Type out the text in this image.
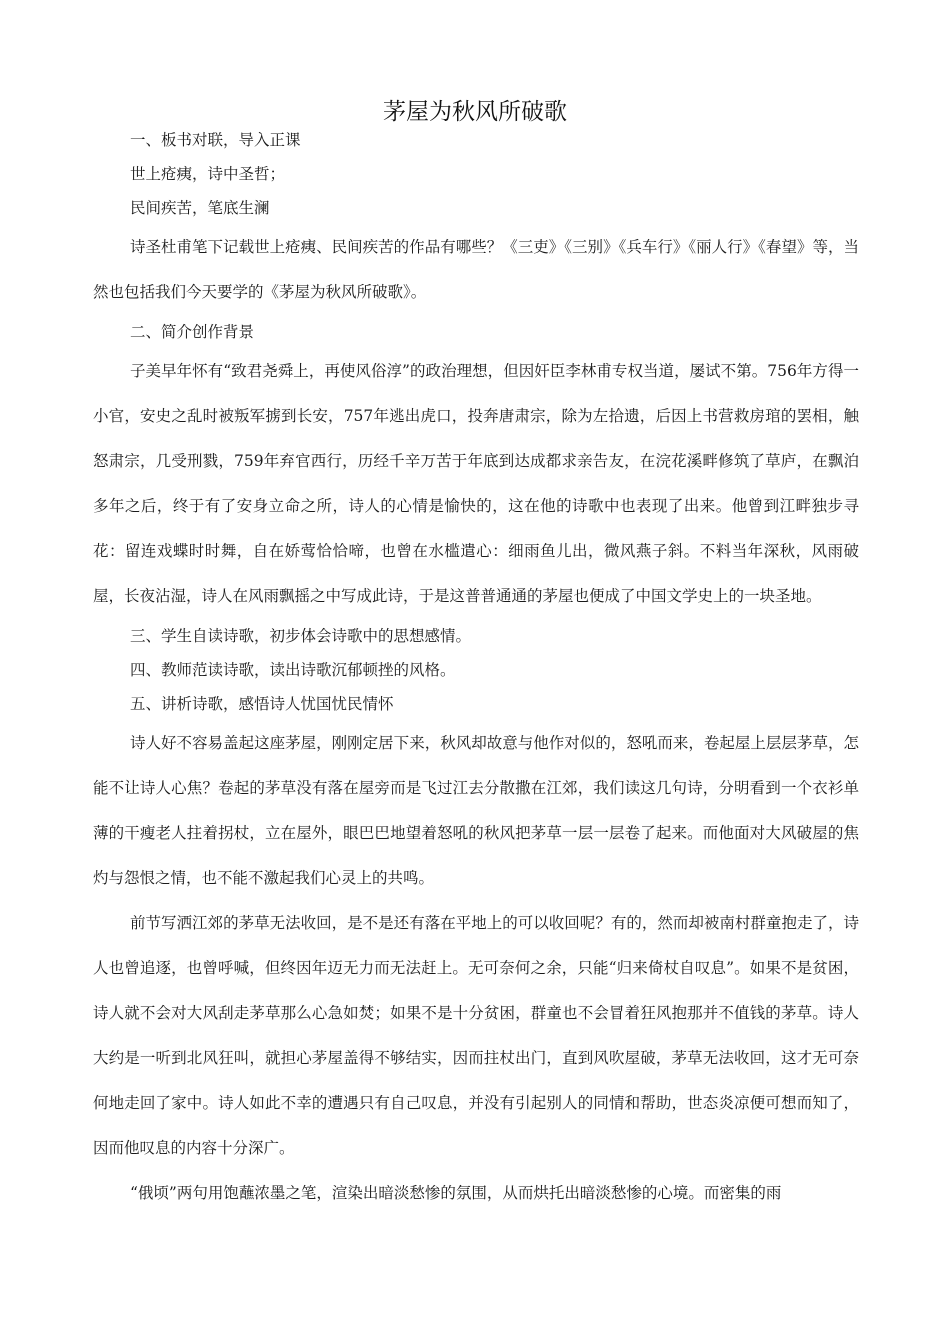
茅屋为秋风所破歌

一、板书对联，导入正课

世上疮痍，诗中圣哲；

民间疾苦，笔底生澜

诗圣杜甫笔下记载世上疮痍、民间疾苦的作品有哪些？《三吏》《三别》《兵车行》《丽人行》《春望》等，当然也包括我们今天要学的《茅屋为秋风所破歌》。

二、简介创作背景

子美早年怀有“致君尧舜上，再使风俗淳”的政治理想，但因奸臣李林甫专权当道，屡试不第。756年方得一小官，安史之乱时被叛军掳到长安，757年逃出虎口，投奔唐肃宗，除为左拾遗，后因上书营救房琯的罢相，触怒肃宗，几受刑戮，759年弃官西行，历经千辛万苦于年底到达成都求亲告友，在浣花溪畔修筑了草庐，在飘泊多年之后，终于有了安身立命之所，诗人的心情是愉快的，这在他的诗歌中也表现了出来。他曾到江畔独步寻花：留连戏蝶时时舞，自在娇莺恰恰啼，也曾在水槛遣心：细雨鱼儿出，微风燕子斜。不料当年深秋，风雨破屋，长夜沾湿，诗人在风雨飘摇之中写成此诗，于是这普普通通的茅屋也便成了中国文学史上的一块圣地。

三、学生自读诗歌，初步体会诗歌中的思想感情。

四、教师范读诗歌，读出诗歌沉郁顿挫的风格。

五、讲析诗歌，感悟诗人忧国忧民情怀

诗人好不容易盖起这座茅屋，刚刚定居下来，秋风却故意与他作对似的，怒吼而来，卷起屋上层层茅草，怎能不让诗人心焦？卷起的茅草没有落在屋旁而是飞过江去分散撒在江郊，我们读这几句诗，分明看到一个衣衫单薄的干瘦老人拄着拐杖，立在屋外，眼巴巴地望着怒吼的秋风把茅草一层一层卷了起来。而他面对大风破屋的焦灼与怨恨之情，也不能不激起我们心灵上的共鸣。

前节写洒江郊的茅草无法收回，是不是还有落在平地上的可以收回呢？有的，然而却被南村群童抱走了，诗人也曾追逐，也曾呼喊，但终因年迈无力而无法赶上。无可奈何之余，只能“归来倚杖自叹息”。如果不是贫困，诗人就不会对大风刮走茅草那么心急如焚；如果不是十分贫困，群童也不会冒着狂风抱那并不值钱的茅草。诗人大约是一听到北风狂叫，就担心茅屋盖得不够结实，因而拄杖出门，直到风吹屋破，茅草无法收回，这才无可奈何地走回了家中。诗人如此不幸的遭遇只有自己叹息，并没有引起别人的同情和帮助，世态炎凉便可想而知了，因而他叹息的内容十分深广。

“俄顷”两句用饱蘸浓墨之笔，渲染出暗淡愁惨的氛围，从而烘托出暗淡愁惨的心境。而密集的雨
